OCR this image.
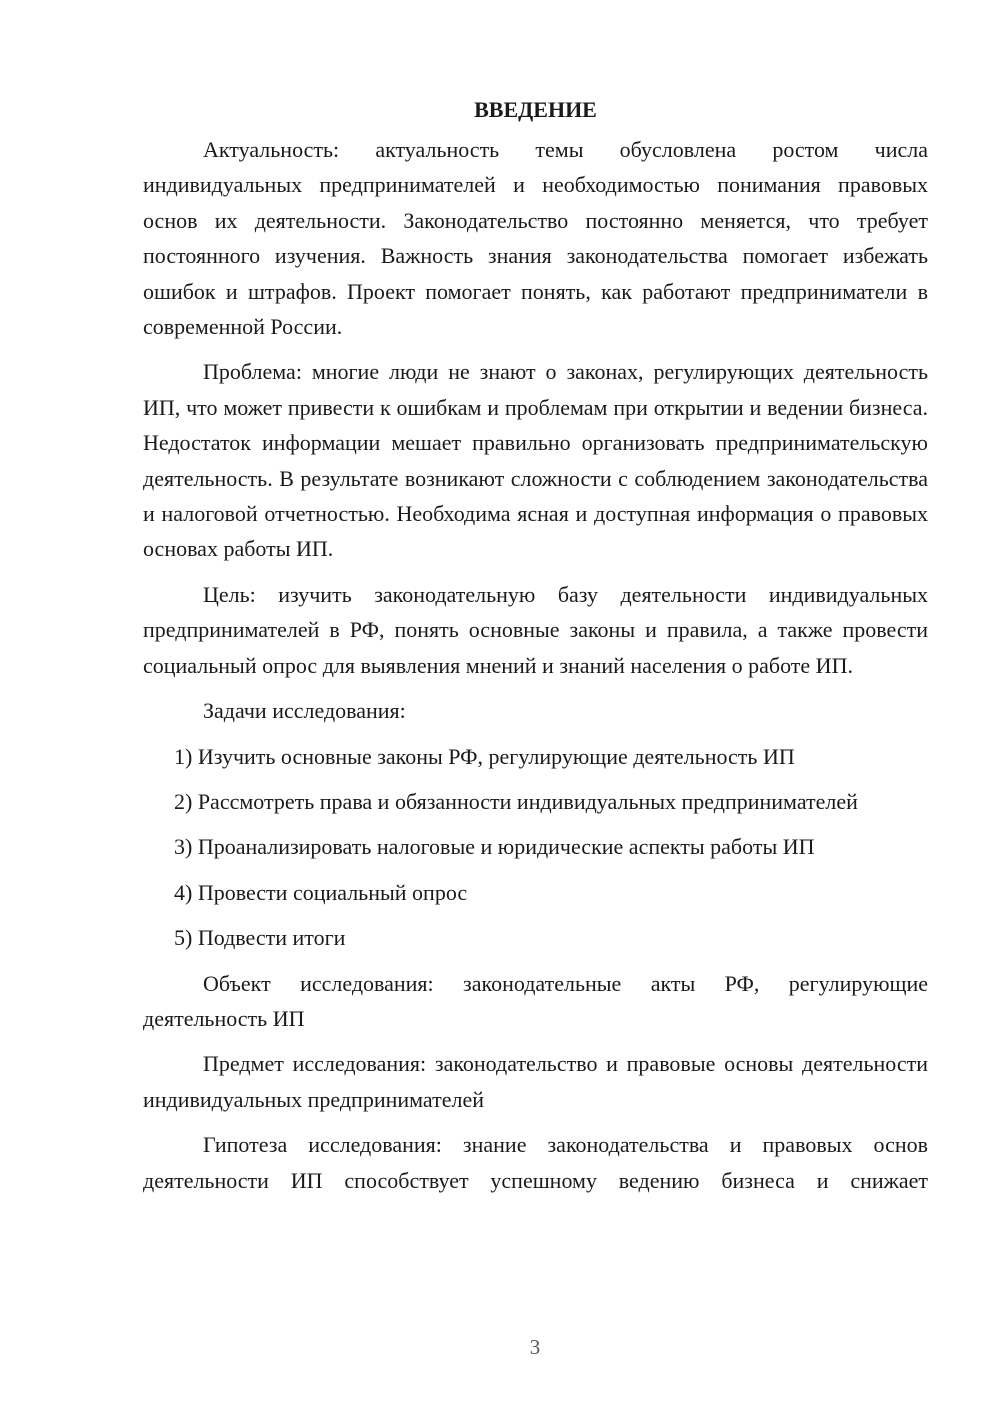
ВВЕДЕНИЕ

Актуальность: актуальность темы обусловлена ростом числа индивидуальных предпринимателей и необходимостью понимания правовых основ их деятельности. Законодательство постоянно меняется, что требует постоянного изучения. Важность знания законодательства помогает избежать ошибок и штрафов. Проект помогает понять, как работают предприниматели в современной России.

Проблема: многие люди не знают о законах, регулирующих деятельность ИП, что может привести к ошибкам и проблемам при открытии и ведении бизнеса. Недостаток информации мешает правильно организовать предпринимательскую деятельность. В результате возникают сложности с соблюдением законодательства и налоговой отчетностью. Необходима ясная и доступная информация о правовых основах работы ИП.

Цель: изучить законодательную базу деятельности индивидуальных предпринимателей в РФ, понять основные законы и правила, а также провести социальный опрос для выявления мнений и знаний населения о работе ИП.

Задачи исследования:

1) Изучить основные законы РФ, регулирующие деятельность ИП

2) Рассмотреть права и обязанности индивидуальных предпринимателей

3) Проанализировать налоговые и юридические аспекты работы ИП

4) Провести социальный опрос

5) Подвести итоги

Объект исследования: законодательные акты РФ, регулирующие деятельность ИП

Предмет исследования: законодательство и правовые основы деятельности индивидуальных предпринимателей

Гипотеза исследования: знание законодательства и правовых основ деятельности ИП способствует успешному ведению бизнеса и снижает

3
